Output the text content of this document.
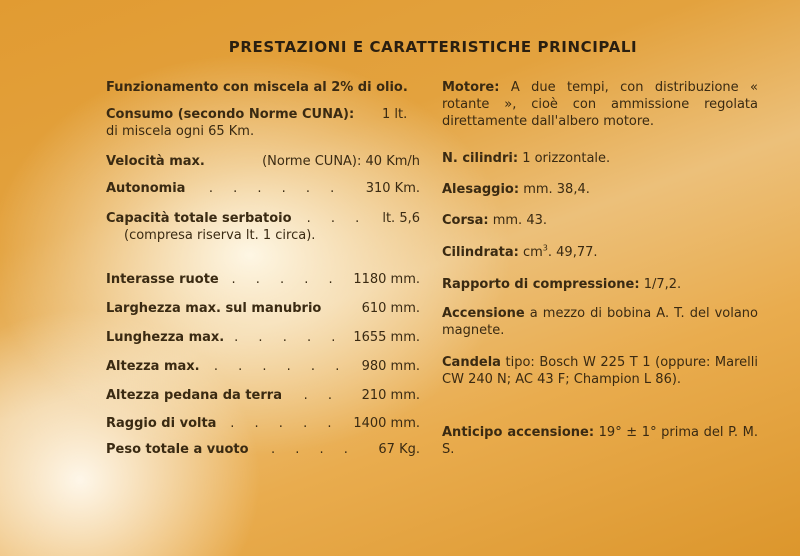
PRESTAZIONI E CARATTERISTICHE PRINCIPALI
Funzionamento con miscela al 2% di olio.
Consumo (secondo Norme CUNA):	1 lt. di miscela ogni 65 Km.
Velocità max.	(Norme CUNA): 40 Km/h
Autonomia	. . . . . .	310 Km.
Capacità totale serbatoio	. . .	lt. 5,6
(compresa riserva lt. 1 circa).
Interasse ruote . . . . . 1180 mm.
Larghezza max. sul manubrio	610 mm.
Lunghezza max. . . . . . 1655 mm.
Altezza max.	. . . . . .	980 mm.
Altezza pedana da terra	. .	210 mm.
Raggio di volta	. . . . .	1400 mm.
Peso totale a vuoto	. . . .	67 Kg.
Motore: A due tempi, con distribuzione « rotante », cioè con ammissione regolata direttamente dall'albero motore.
N. cilindri: 1 orizzontale.
Alesaggio: mm. 38,4.
Corsa: mm. 43.
Cilindrata: $cm^3$. 49,77.
Rapporto di compressione: 1/7,2.
Accensione a mezzo di bobina A. T. del volano magnete.
Candela tipo: Bosch W 225 T 1 (oppure: Marelli CW 240 N; AC 43 F; Champion L 86).
Anticipo accensione: 19° ± 1° prima del P. M. S.
